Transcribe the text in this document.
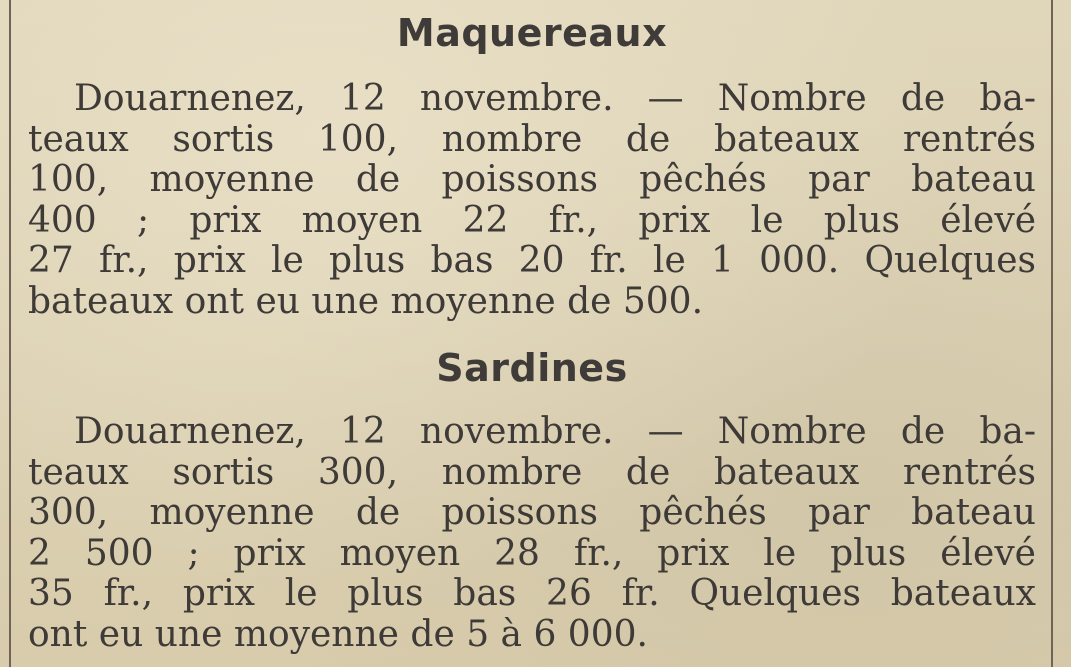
Maquereaux

Douarnenez, 12 novembre. — Nombre de ba-
teaux sortis 100, nombre de bateaux rentrés
100, moyenne de poissons pêchés par bateau
400 ; prix moyen 22 fr., prix le plus élevé
27 fr., prix le plus bas 20 fr. le 1 000. Quelques
bateaux ont eu une moyenne de 500.

Sardines

Douarnenez, 12 novembre. — Nombre de ba-
teaux sortis 300, nombre de bateaux rentrés
300, moyenne de poissons pêchés par bateau
2 500 ; prix moyen 28 fr., prix le plus élevé
35 fr., prix le plus bas 26 fr. Quelques bateaux
ont eu une moyenne de 5 à 6 000.
